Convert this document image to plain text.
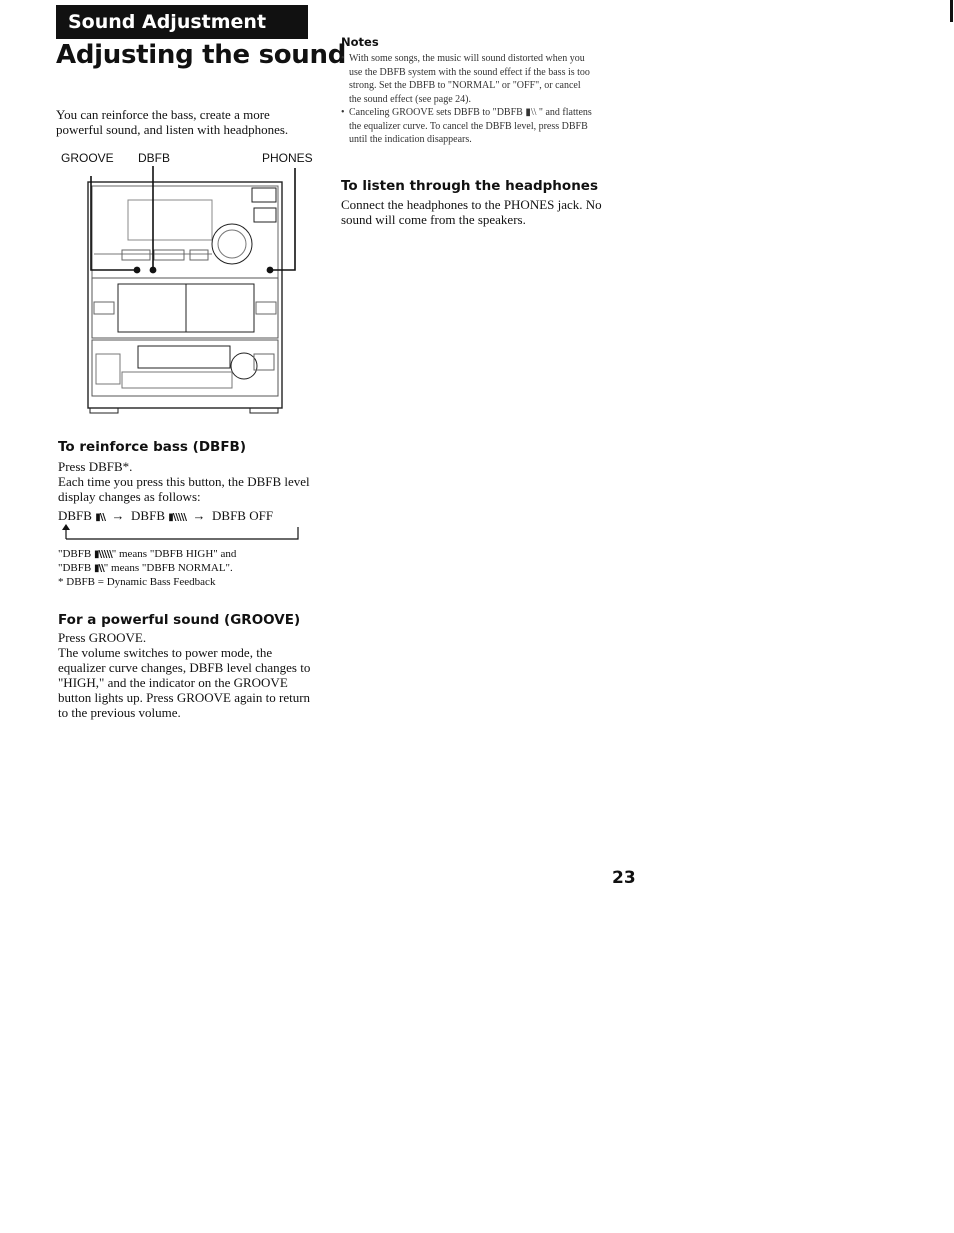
Sound Adjustment
Adjusting the sound

You can reinforce the bass, create a more powerful sound, and listen with headphones.

GROOVE DBFB	PHONES
To reinforce bass (DBFB)

Press DBFB*.

Each time you press this button, the DBFB level display changes as follows:

DBFB ▮\\ → DBFB ▮\\\\\ → DBFB OFF
"DBFB ▮\\\\\" means "DBFB HIGH" and
"DBFB ▮\\" means "DBFB NORMAL".
* DBFB = Dynamic Bass Feedback
For a powerful sound (GROOVE)

Press GROOVE.

The volume switches to power mode, the equalizer curve changes, DBFB level changes to "HIGH," and the indicator on the GROOVE button lights up. Press GROOVE again to return to the previous volume.

Notes
• With some songs, the music will sound distorted when you use the DBFB system with the sound effect if the bass is too strong. Set the DBFB to "NORMAL" or "OFF", or cancel the sound effect (see page 24).
• Canceling GROOVE sets DBFB to "DBFB ▮\\ " and flattens the equalizer curve. To cancel the DBFB level, press DBFB until the indication disappears.
To listen through the headphones

Connect the headphones to the PHONES jack. No sound will come from the speakers.

23
